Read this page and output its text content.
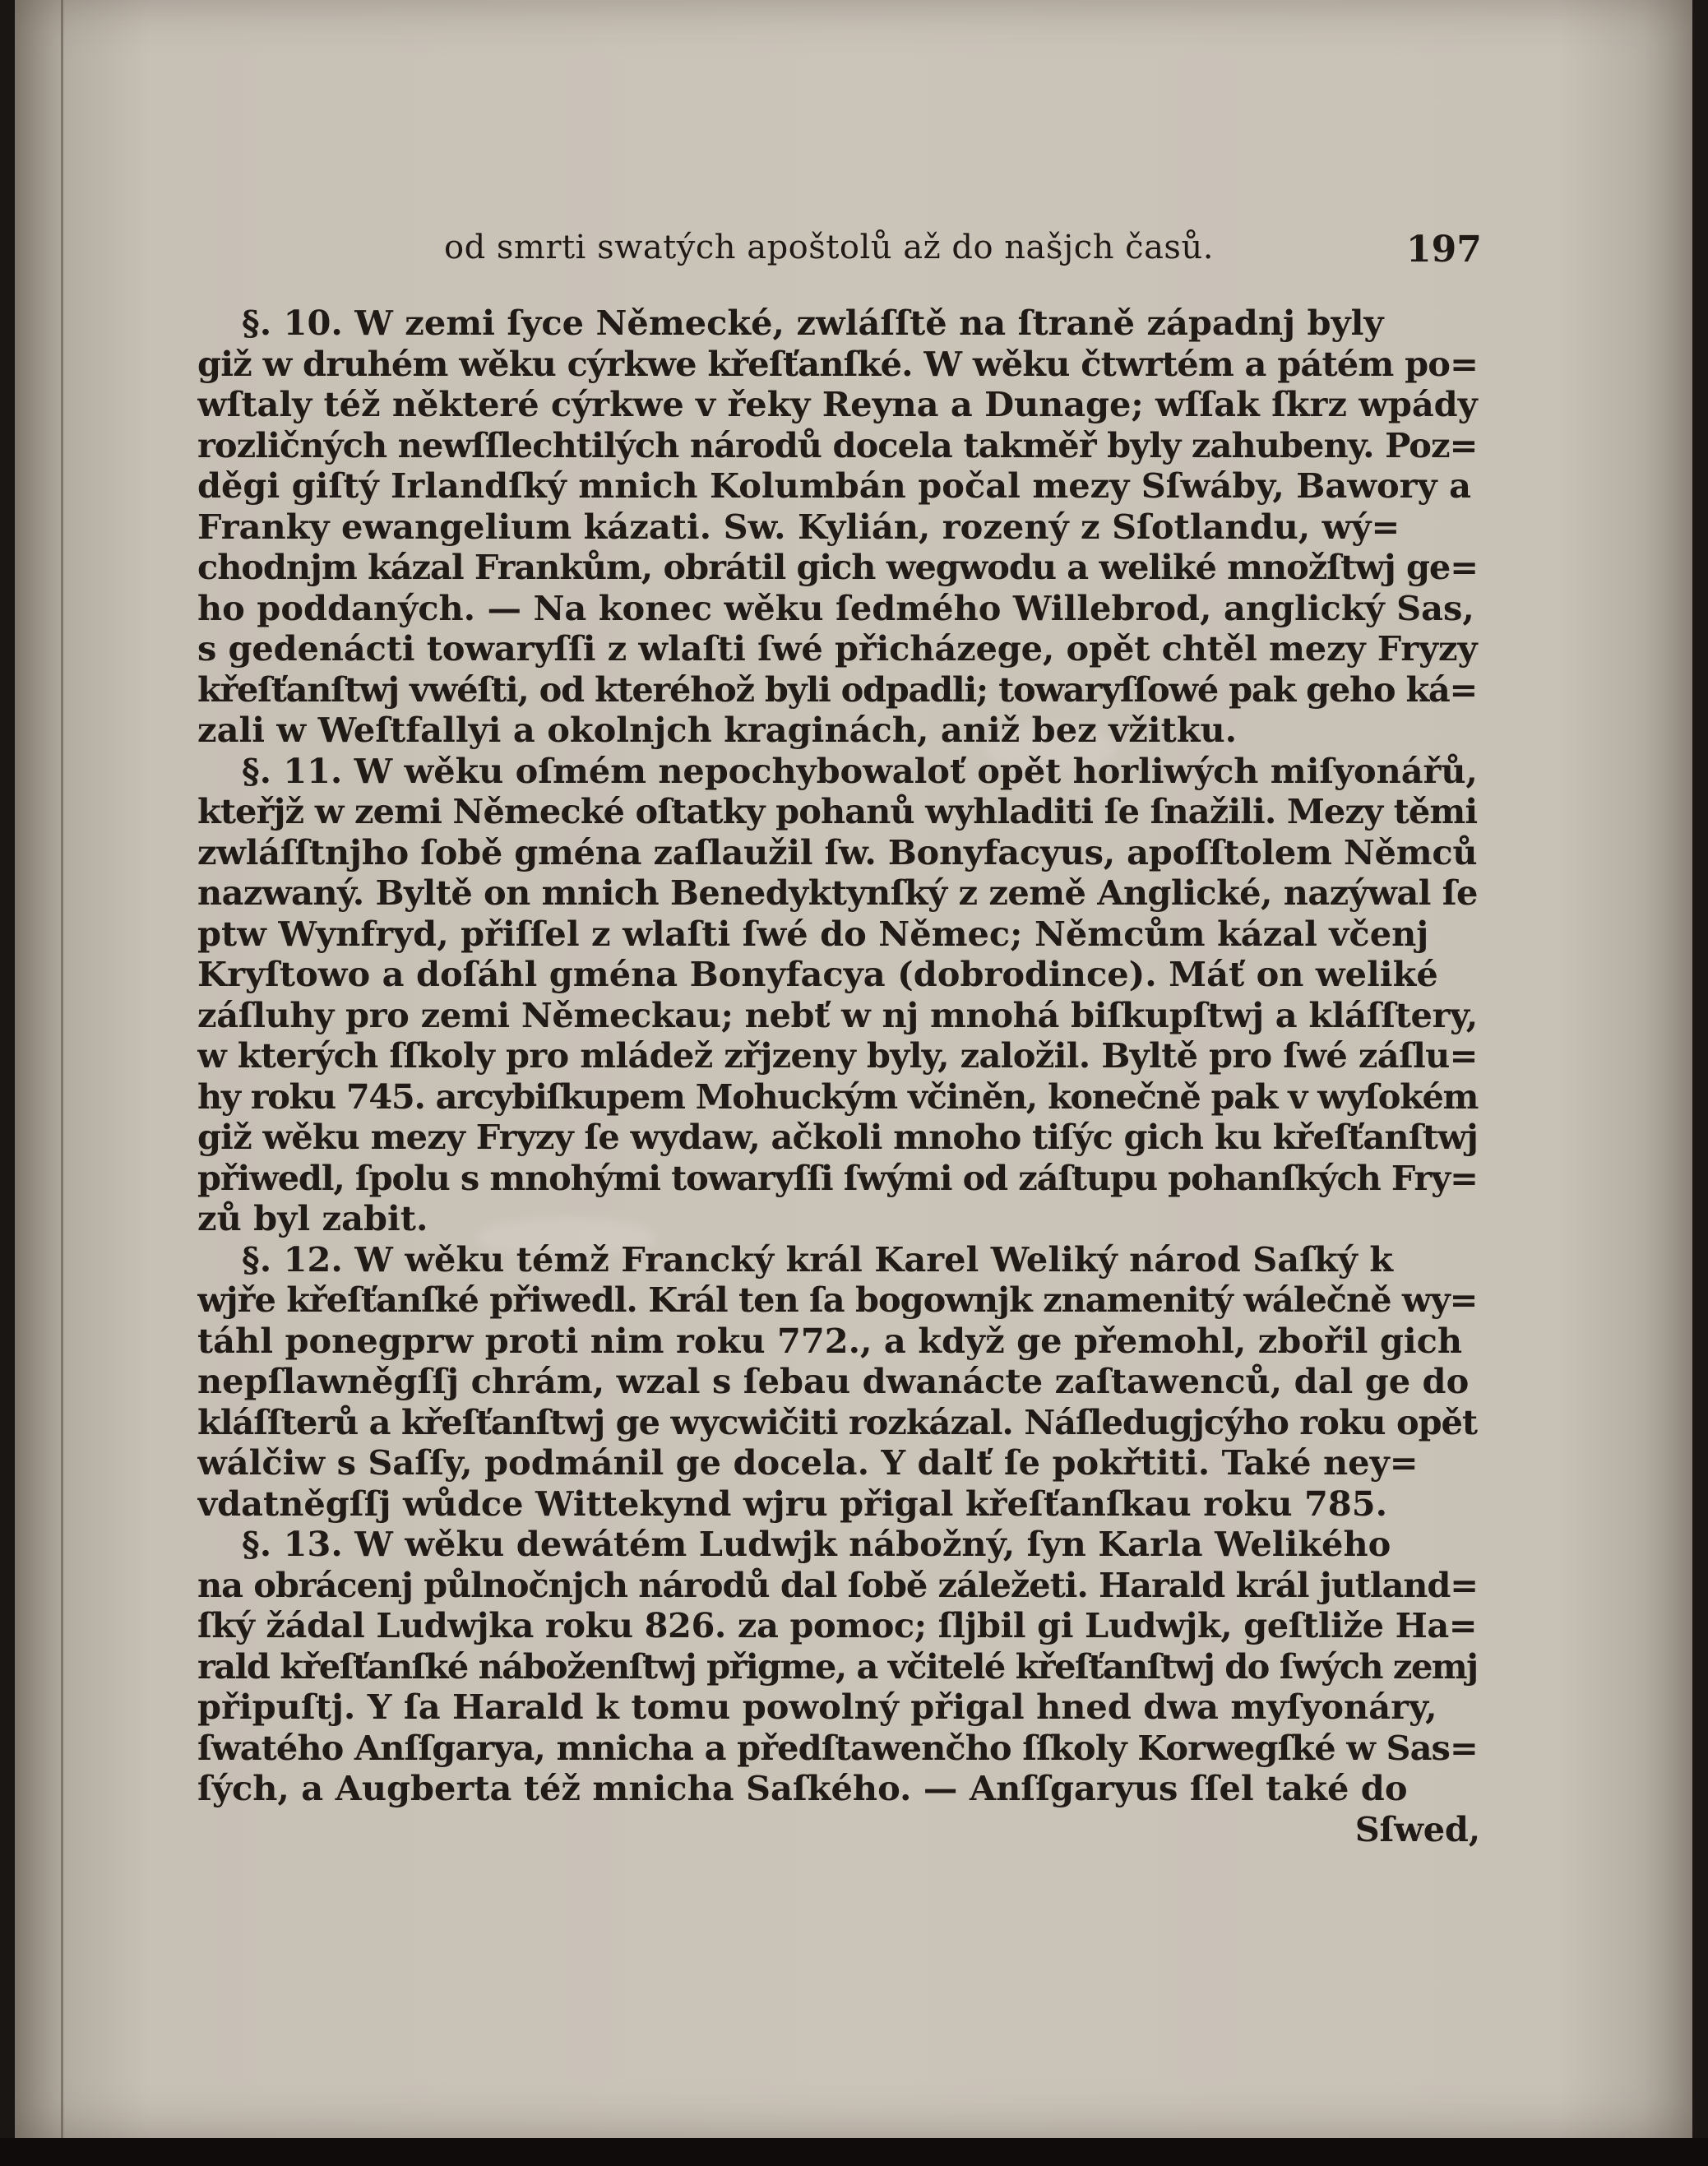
od smrti swatých apoštolů až do našjch časů.	197
§. 10. W zemi ſyce Německé, zwláſſtě na ſtraně západnj byly
giž w druhém wěku cýrkwe křeſťanſké. W wěku čtwrtém a pátém po=
wſtaly též některé cýrkwe v řeky Reyna a Dunage; wſſak ſkrz wpády
rozličných newſſlechtilých národů docela takměř byly zahubeny. Poz=
děgi giſtý Irlandſký mnich Kolumbán počal mezy Sſwáby, Bawory a
Franky ewangelium kázati. Sw. Kylián, rozený z Sſotlandu, wý=
chodnjm kázal Frankům, obrátil gich wegwodu a weliké množſtwj ge=
ho poddaných. — Na konec wěku ſedmého Willebrod, anglický Sas,
s gedenácti towaryſſi z wlaſti ſwé přicházege, opět chtěl mezy Fryzy
křeſťanſtwj vwéſti, od kteréhož byli odpadli; towaryſſowé pak geho ká=
zali w Weſtfallyi a okolnjch kraginách, aniž bez vžitku.
§. 11. W wěku oſmém nepochybowaloť opět horliwých miſyonářů,
kteřjž w zemi Německé oſtatky pohanů wyhladiti ſe ſnažili. Mezy těmi
zwláſſtnjho ſobě gména zaſlaužil ſw. Bonyfacyus, apoſſtolem Němců
nazwaný. Byltě on mnich Benedyktynſký z země Anglické, nazýwal ſe
ptw Wynfryd, přiſſel z wlaſti ſwé do Němec; Němcům kázal včenj
Kryſtowo a doſáhl gména Bonyfacya (dobrodince). Máť on weliké
záſluhy pro zemi Německau; nebť w nj mnohá biſkupſtwj a kláſſtery,
w kterých ſſkoly pro mládež zřjzeny byly, založil. Byltě pro ſwé záſlu=
hy roku 745. arcybiſkupem Mohuckým včiněn, konečně pak v wyſokém
giž wěku mezy Fryzy ſe wydaw, ačkoli mnoho tiſýc gich ku křeſťanſtwj
přiwedl, ſpolu s mnohými towaryſſi ſwými od záſtupu pohanſkých Fry=
zů byl zabit.
§. 12. W wěku témž Francký král Karel Weliký národ Saſký k
wjře křeſťanſké přiwedl. Král ten ſa bogownjk znamenitý wálečně wy=
táhl ponegprw proti nim roku 772., a když ge přemohl, zbořil gich
nepſlawněgſſj chrám, wzal s ſebau dwanácte zaſtawenců, dal ge do
kláſſterů a křeſťanſtwj ge wycwičiti rozkázal. Náſledugjcýho roku opět
wálčiw s Saſſy, podmánil ge docela. Y dalť ſe pokřtiti. Také ney=
vdatněgſſj wůdce Wittekynd wjru přigal křeſťanſkau roku 785.
§. 13. W wěku dewátém Ludwjk nábožný, ſyn Karla Welikého
na obrácenj půlnočnjch národů dal ſobě záležeti. Harald král jutland=
ſký žádal Ludwjka roku 826. za pomoc; ſljbil gi Ludwjk, geſtliže Ha=
rald křeſťanſké náboženſtwj přigme, a včitelé křeſťanſtwj do ſwých zemj
připuſtj. Y ſa Harald k tomu powolný přigal hned dwa myſyonáry,
ſwatého Anſſgarya, mnicha a předſtawenčho ſſkoly Korwegſké w Sas=
ſých, a Augberta též mnicha Saſkého. — Anſſgaryus ſſel také do
Sſwed,
